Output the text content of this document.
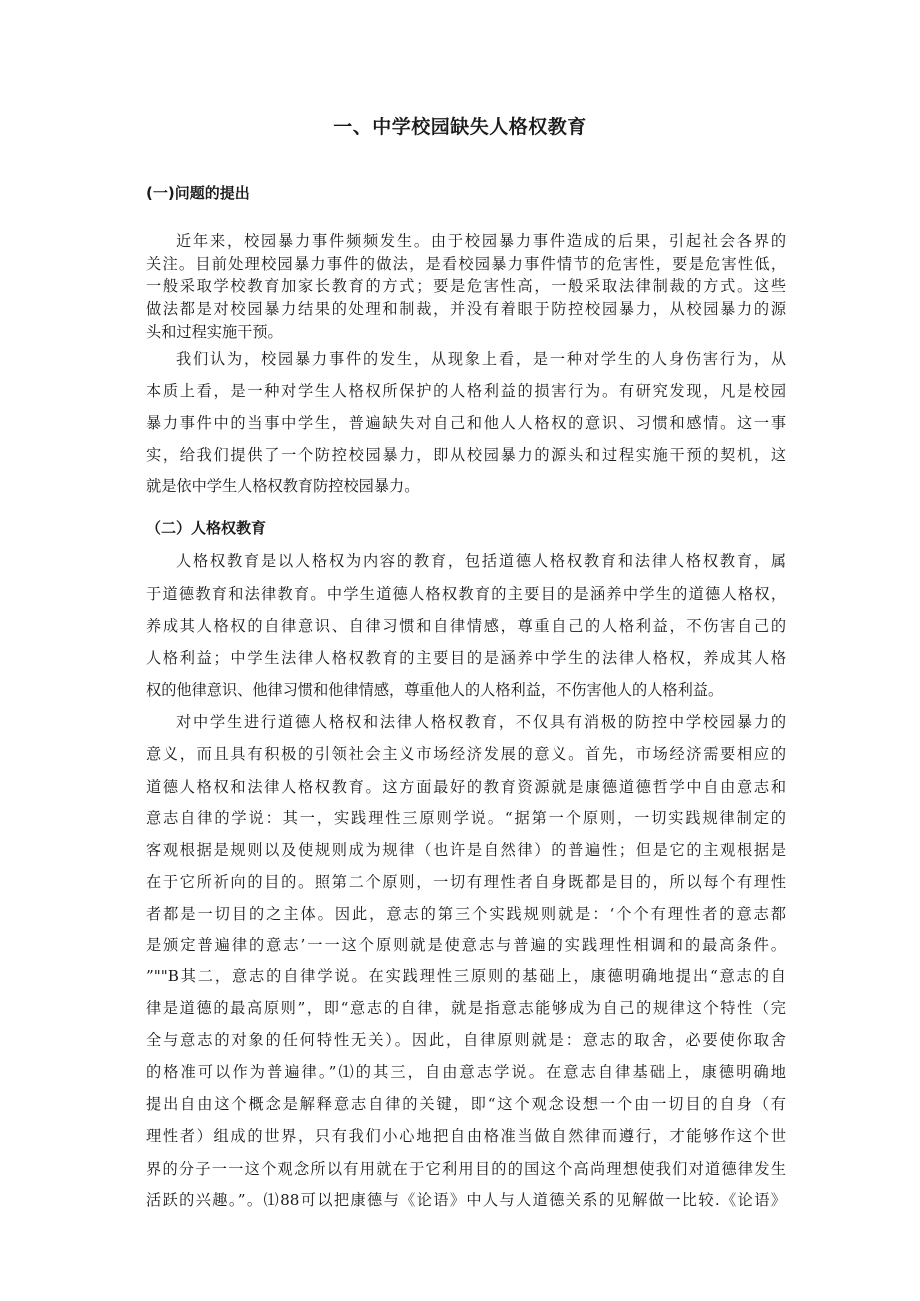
一、中学校园缺失人格权教育
(一)问题的提出
近年来，校园暴力事件频频发生。由于校园暴力事件造成的后果，引起社会各界的
关注。目前处理校园暴力事件的做法，是看校园暴力事件情节的危害性，要是危害性低，
一般采取学校教育加家长教育的方式；要是危害性高，一般采取法律制裁的方式。这些
做法都是对校园暴力结果的处理和制裁，并没有着眼于防控校园暴力，从校园暴力的源
头和过程实施干预。
我们认为，校园暴力事件的发生，从现象上看，是一种对学生的人身伤害行为，从
本质上看，是一种对学生人格权所保护的人格利益的损害行为。有研究发现，凡是校园
暴力事件中的当事中学生，普遍缺失对自己和他人人格权的意识、习惯和感情。这一事
实，给我们提供了一个防控校园暴力，即从校园暴力的源头和过程实施干预的契机，这
就是依中学生人格权教育防控校园暴力。
（二）人格权教育
人格权教育是以人格权为内容的教育，包括道德人格权教育和法律人格权教育，属
于道德教育和法律教育。中学生道德人格权教育的主要目的是涵养中学生的道德人格权，
养成其人格权的自律意识、自律习惯和自律情感，尊重自己的人格利益，不伤害自己的
人格利益；中学生法律人格权教育的主要目的是涵养中学生的法律人格权，养成其人格
权的他律意识、他律习惯和他律情感，尊重他人的人格利益，不伤害他人的人格利益。
对中学生进行道德人格权和法律人格权教育，不仅具有消极的防控中学校园暴力的
意义，而且具有积极的引领社会主义市场经济发展的意义。首先，市场经济需要相应的
道德人格权和法律人格权教育。这方面最好的教育资源就是康德道德哲学中自由意志和
意志自律的学说：其一，实践理性三原则学说。“据第一个原则，一切实践规律制定的
客观根据是规则以及使规则成为规律（也许是自然律）的普遍性；但是它的主观根据是
在于它所祈向的目的。照第二个原则，一切有理性者自身既都是目的，所以每个有理性
者都是一切目的之主体。因此，意志的第三个实践规则就是：‘个个有理性者的意志都
是颁定普遍律的意志’一一这个原则就是使意志与普遍的实践理性相调和的最高条件。
”""B其二，意志的自律学说。在实践理性三原则的基础上，康德明确地提出“意志的自
律是道德的最高原则”，即“意志的自律，就是指意志能够成为自己的规律这个特性（完
全与意志的对象的任何特性无关）。因此，自律原则就是：意志的取舍，必要使你取舍
的格准可以作为普遍律。”⑴的其三，自由意志学说。在意志自律基础上，康德明确地
提出自由这个概念是解释意志自律的关键，即“这个观念设想一个由一切目的自身（有
理性者）组成的世界，只有我们小心地把自由格准当做自然律而遵行，才能够作这个世
界的分子一一这个观念所以有用就在于它利用目的的国这个高尚理想使我们对道德律发生
活跃的兴趣。”。⑴88可以把康德与《论语》中人与人道德关系的见解做一比较.《论语》
